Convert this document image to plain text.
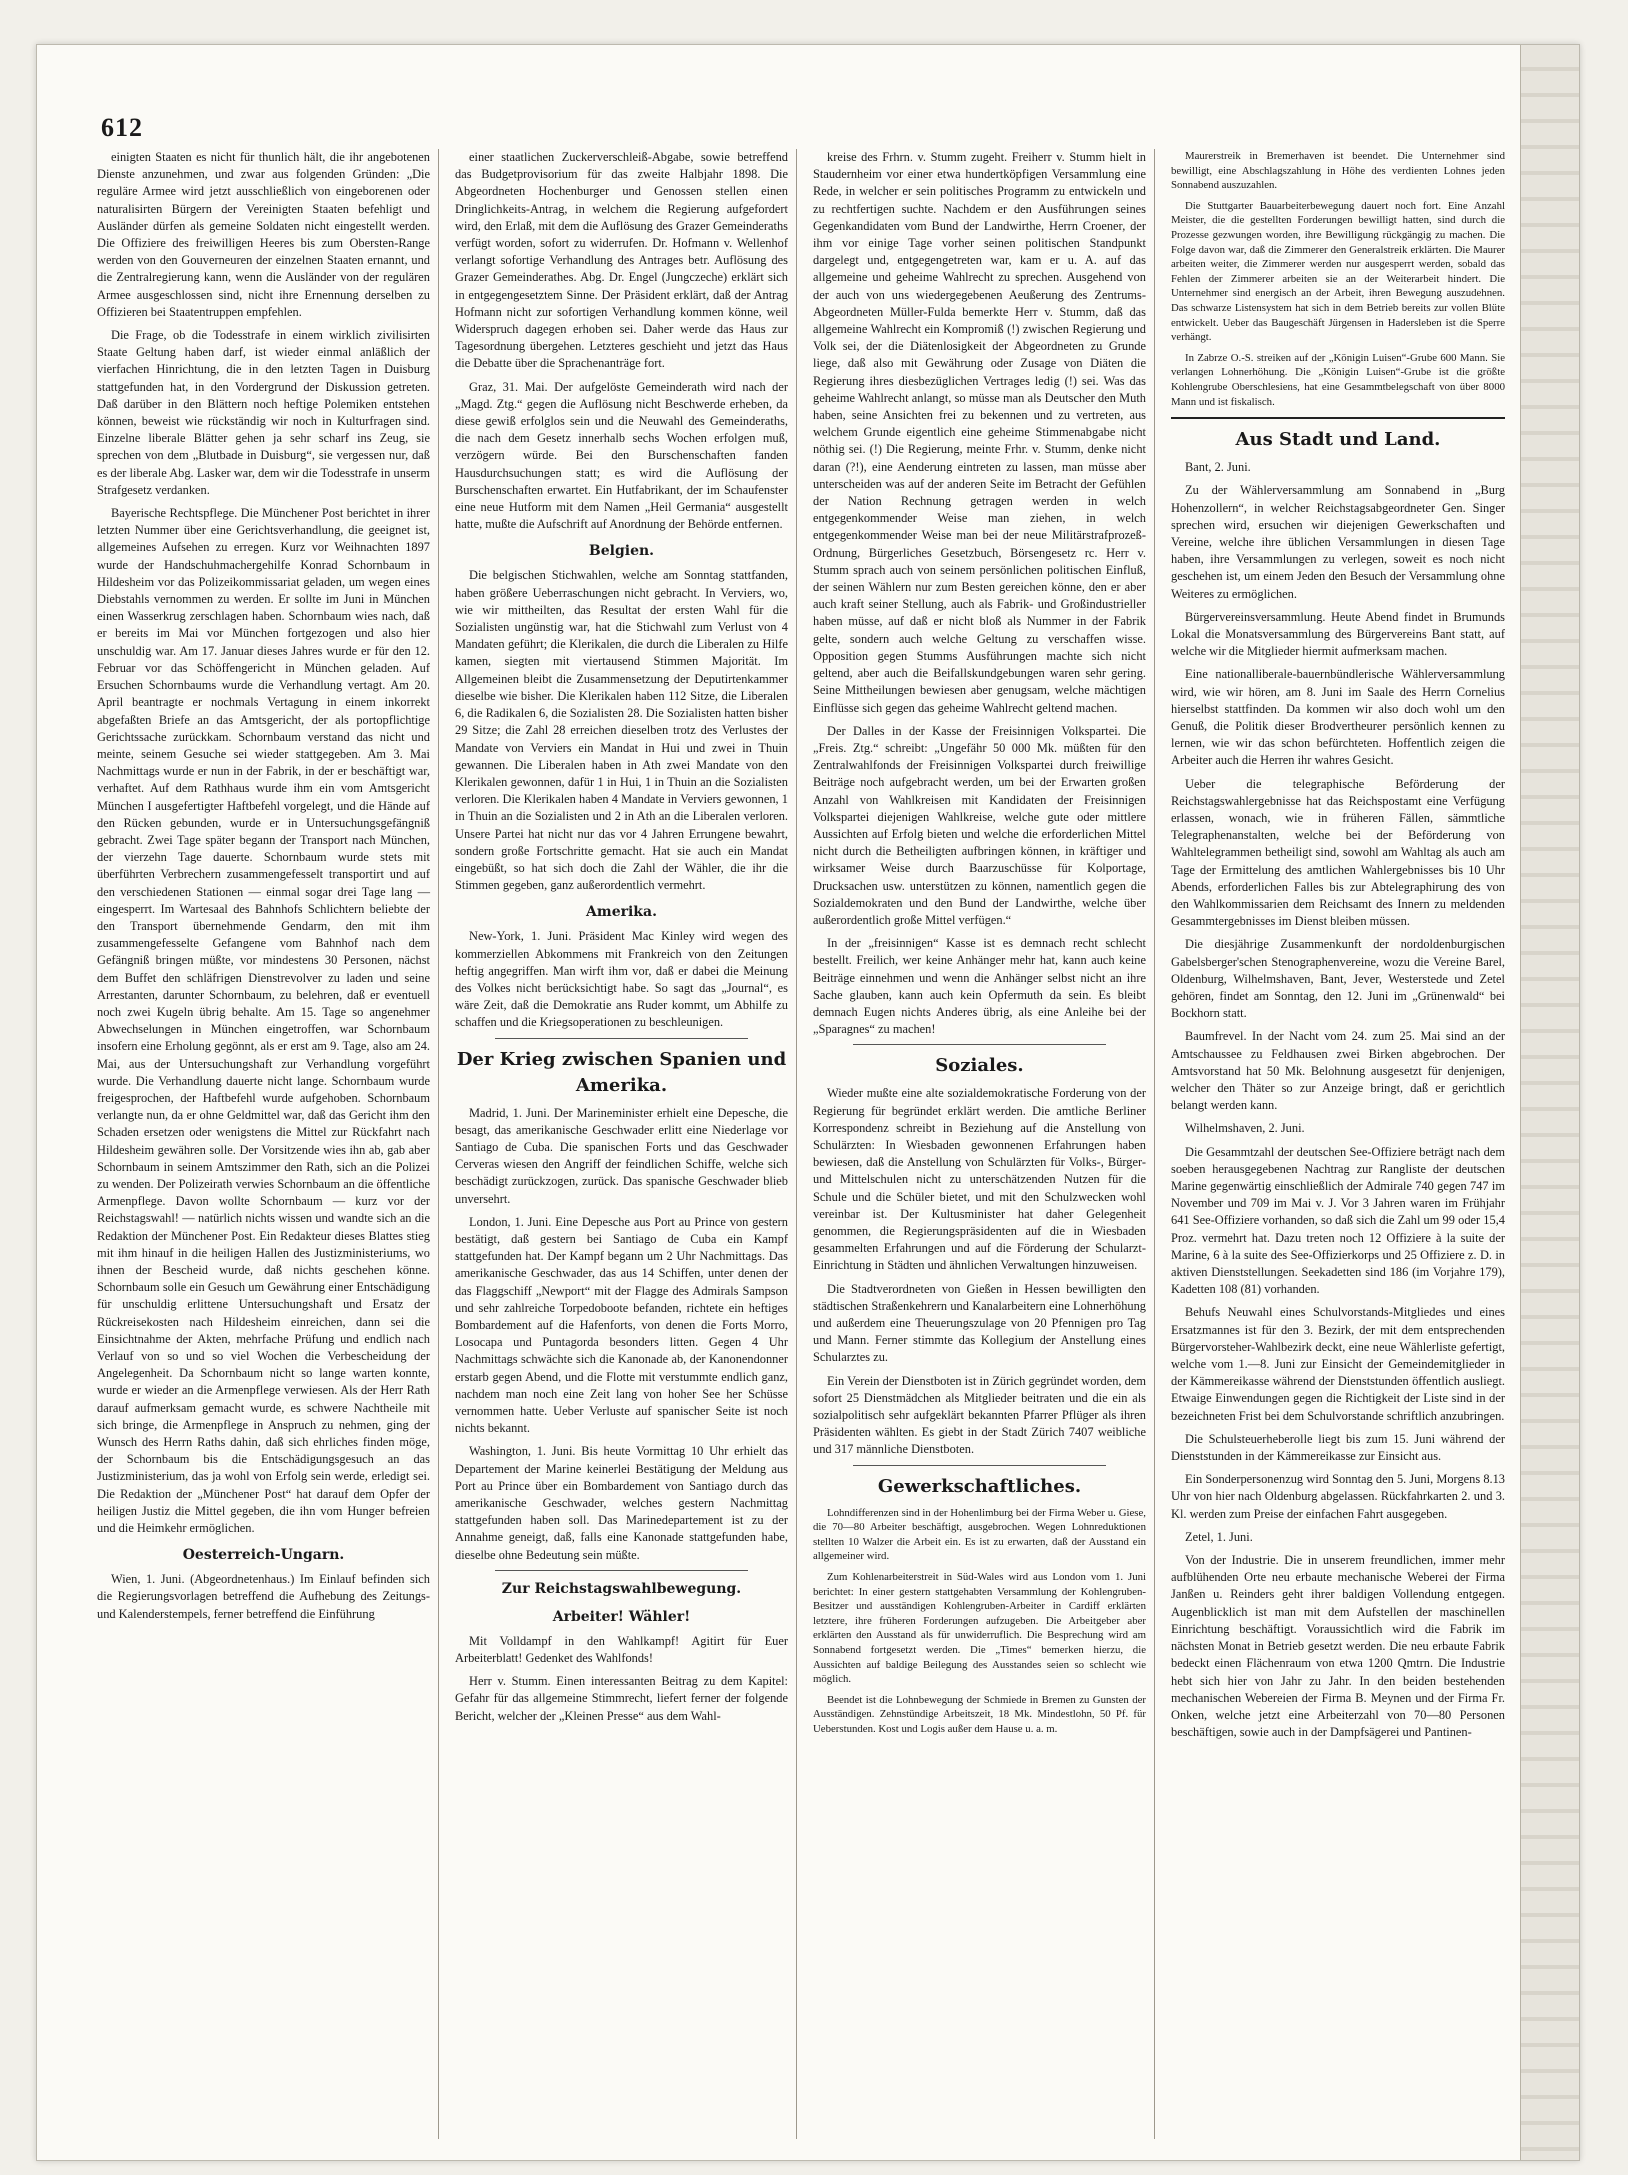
612

einigten Staaten es nicht für thunlich hält, die ihr angebotenen Dienste anzunehmen, und zwar aus folgenden Gründen: „Die reguläre Armee wird jetzt ausschließlich von eingeborenen oder naturalisirten Bürgern der Vereinigten Staaten befehligt und Ausländer dürfen als gemeine Soldaten nicht eingestellt werden. Die Offiziere des freiwilligen Heeres bis zum Obersten-Range werden von den Gouverneuren der einzelnen Staaten ernannt, und die Zentralregierung kann, wenn die Ausländer von der regulären Armee ausgeschlossen sind, nicht ihre Ernennung derselben zu Offizieren bei Staatentruppen empfehlen.

Die Frage, ob die Todesstrafe in einem wirklich zivilisirten Staate Geltung haben darf, ist wieder einmal anläßlich der vierfachen Hinrichtung, die in den letzten Tagen in Duisburg stattgefunden hat, in den Vordergrund der Diskussion getreten. Daß darüber in den Blättern noch heftige Polemiken entstehen können, beweist wie rückständig wir noch in Kulturfragen sind. Einzelne liberale Blätter gehen ja sehr scharf ins Zeug, sie sprechen von dem „Blutbade in Duisburg“, sie vergessen nur, daß es der liberale Abg. Lasker war, dem wir die Todesstrafe in unserm Strafgesetz verdanken.

Bayerische Rechtspflege. Die Münchener Post berichtet in ihrer letzten Nummer über eine Gerichtsverhandlung, die geeignet ist, allgemeines Aufsehen zu erregen. Kurz vor Weihnachten 1897 wurde der Handschuhmachergehilfe Konrad Schornbaum in Hildesheim vor das Polizeikommissariat geladen, um wegen eines Diebstahls vernommen zu werden. Er sollte im Juni in München einen Wasserkrug zerschlagen haben. Schornbaum wies nach, daß er bereits im Mai vor München fortgezogen und also hier unschuldig war. Am 17. Januar dieses Jahres wurde er für den 12. Februar vor das Schöffengericht in München geladen. Auf Ersuchen Schornbaums wurde die Verhandlung vertagt. Am 20. April beantragte er nochmals Vertagung in einem inkorrekt abgefaßten Briefe an das Amtsgericht, der als portopflichtige Gerichtssache zurückkam. Schornbaum verstand das nicht und meinte, seinem Gesuche sei wieder stattgegeben. Am 3. Mai Nachmittags wurde er nun in der Fabrik, in der er beschäftigt war, verhaftet. Auf dem Rathhaus wurde ihm ein vom Amtsgericht München I ausgefertigter Haftbefehl vorgelegt, und die Hände auf den Rücken gebunden, wurde er in Untersuchungsgefängniß gebracht. Zwei Tage später begann der Transport nach München, der vierzehn Tage dauerte. Schornbaum wurde stets mit überführten Verbrechern zusammengefesselt transportirt und auf den verschiedenen Stationen — einmal sogar drei Tage lang — eingesperrt. Im Wartesaal des Bahnhofs Schlichtern beliebte der den Transport übernehmende Gendarm, den mit ihm zusammengefesselte Gefangene vom Bahnhof nach dem Gefängniß bringen müßte, vor mindestens 30 Personen, nächst dem Buffet den schläfrigen Dienstrevolver zu laden und seine Arrestanten, darunter Schornbaum, zu belehren, daß er eventuell noch zwei Kugeln übrig behalte. Am 15. Tage so angenehmer Abwechselungen in München eingetroffen, war Schornbaum insofern eine Erholung gegönnt, als er erst am 9. Tage, also am 24. Mai, aus der Untersuchungshaft zur Verhandlung vorgeführt wurde. Die Verhandlung dauerte nicht lange. Schornbaum wurde freigesprochen, der Haftbefehl wurde aufgehoben. Schornbaum verlangte nun, da er ohne Geldmittel war, daß das Gericht ihm den Schaden ersetzen oder wenigstens die Mittel zur Rückfahrt nach Hildesheim gewähren solle. Der Vorsitzende wies ihn ab, gab aber Schornbaum in seinem Amtszimmer den Rath, sich an die Polizei zu wenden. Der Polizeirath verwies Schornbaum an die öffentliche Armenpflege. Davon wollte Schornbaum — kurz vor der Reichstagswahl! — natürlich nichts wissen und wandte sich an die Redaktion der Münchener Post. Ein Redakteur dieses Blattes stieg mit ihm hinauf in die heiligen Hallen des Justizministeriums, wo ihnen der Bescheid wurde, daß nichts geschehen könne. Schornbaum solle ein Gesuch um Gewährung einer Entschädigung für unschuldig erlittene Untersuchungshaft und Ersatz der Rückreisekosten nach Hildesheim einreichen, dann sei die Einsichtnahme der Akten, mehrfache Prüfung und endlich nach Verlauf von so und so viel Wochen die Verbescheidung der Angelegenheit. Da Schornbaum nicht so lange warten konnte, wurde er wieder an die Armenpflege verwiesen. Als der Herr Rath darauf aufmerksam gemacht wurde, es schwere Nachtheile mit sich bringe, die Armenpflege in Anspruch zu nehmen, ging der Wunsch des Herrn Raths dahin, daß sich ehrliches finden möge, der Schornbaum bis die Entschädigungsgesuch an das Justizministerium, das ja wohl von Erfolg sein werde, erledigt sei. Die Redaktion der „Münchener Post“ hat darauf dem Opfer der heiligen Justiz die Mittel gegeben, die ihn vom Hunger befreien und die Heimkehr ermöglichen.

Oesterreich-Ungarn.

Wien, 1. Juni. (Abgeordnetenhaus.) Im Einlauf befinden sich die Regierungsvorlagen betreffend die Aufhebung des Zeitungs- und Kalenderstempels, ferner betreffend die Einführung

einer staatlichen Zuckerverschleiß-Abgabe, sowie betreffend das Budgetprovisorium für das zweite Halbjahr 1898. Die Abgeordneten Hochenburger und Genossen stellen einen Dringlichkeits-Antrag, in welchem die Regierung aufgefordert wird, den Erlaß, mit dem die Auflösung des Grazer Gemeinderaths verfügt worden, sofort zu widerrufen. Dr. Hofmann v. Wellenhof verlangt sofortige Verhandlung des Antrages betr. Auflösung des Grazer Gemeinderathes. Abg. Dr. Engel (Jungczeche) erklärt sich in entgegengesetztem Sinne. Der Präsident erklärt, daß der Antrag Hofmann nicht zur sofortigen Verhandlung kommen könne, weil Widerspruch dagegen erhoben sei. Daher werde das Haus zur Tagesordnung übergehen. Letzteres geschieht und jetzt das Haus die Debatte über die Sprachenanträge fort.

Graz, 31. Mai. Der aufgelöste Gemeinderath wird nach der „Magd. Ztg.“ gegen die Auflösung nicht Beschwerde erheben, da diese gewiß erfolglos sein und die Neuwahl des Gemeinderaths, die nach dem Gesetz innerhalb sechs Wochen erfolgen muß, verzögern würde. Bei den Burschenschaften fanden Hausdurchsuchungen statt; es wird die Auflösung der Burschenschaften erwartet. Ein Hutfabrikant, der im Schaufenster eine neue Hutform mit dem Namen „Heil Germania“ ausgestellt hatte, mußte die Aufschrift auf Anordnung der Behörde entfernen.

Belgien.

Die belgischen Stichwahlen, welche am Sonntag stattfanden, haben größere Ueberraschungen nicht gebracht. In Verviers, wo, wie wir mittheilten, das Resultat der ersten Wahl für die Sozialisten ungünstig war, hat die Stichwahl zum Verlust von 4 Mandaten geführt; die Klerikalen, die durch die Liberalen zu Hilfe kamen, siegten mit viertausend Stimmen Majorität. Im Allgemeinen bleibt die Zusammensetzung der Deputirtenkammer dieselbe wie bisher. Die Klerikalen haben 112 Sitze, die Liberalen 6, die Radikalen 6, die Sozialisten 28. Die Sozialisten hatten bisher 29 Sitze; die Zahl 28 erreichen dieselben trotz des Verlustes der Mandate von Verviers ein Mandat in Hui und zwei in Thuin gewannen. Die Liberalen haben in Ath zwei Mandate von den Klerikalen gewonnen, dafür 1 in Hui, 1 in Thuin an die Sozialisten verloren. Die Klerikalen haben 4 Mandate in Verviers gewonnen, 1 in Thuin an die Sozialisten und 2 in Ath an die Liberalen verloren. Unsere Partei hat nicht nur das vor 4 Jahren Errungene bewahrt, sondern große Fortschritte gemacht. Hat sie auch ein Mandat eingebüßt, so hat sich doch die Zahl der Wähler, die ihr die Stimmen gegeben, ganz außerordentlich vermehrt.

Amerika.

New-York, 1. Juni. Präsident Mac Kinley wird wegen des kommerziellen Abkommens mit Frankreich von den Zeitungen heftig angegriffen. Man wirft ihm vor, daß er dabei die Meinung des Volkes nicht berücksichtigt habe. So sagt das „Journal“, es wäre Zeit, daß die Demokratie ans Ruder kommt, um Abhilfe zu schaffen und die Kriegsoperationen zu beschleunigen.

Der Krieg zwischen Spanien und Amerika.

Madrid, 1. Juni. Der Marineminister erhielt eine Depesche, die besagt, das amerikanische Geschwader erlitt eine Niederlage vor Santiago de Cuba. Die spanischen Forts und das Geschwader Cerveras wiesen den Angriff der feindlichen Schiffe, welche sich beschädigt zurückzogen, zurück. Das spanische Geschwader blieb unversehrt.

London, 1. Juni. Eine Depesche aus Port au Prince von gestern bestätigt, daß gestern bei Santiago de Cuba ein Kampf stattgefunden hat. Der Kampf begann um 2 Uhr Nachmittags. Das amerikanische Geschwader, das aus 14 Schiffen, unter denen der das Flaggschiff „Newport“ mit der Flagge des Admirals Sampson und sehr zahlreiche Torpedoboote befanden, richtete ein heftiges Bombardement auf die Hafenforts, von denen die Forts Morro, Losocapa und Puntagorda besonders litten. Gegen 4 Uhr Nachmittags schwächte sich die Kanonade ab, der Kanonendonner erstarb gegen Abend, und die Flotte mit verstummte endlich ganz, nachdem man noch eine Zeit lang von hoher See her Schüsse vernommen hatte. Ueber Verluste auf spanischer Seite ist noch nichts bekannt.

Washington, 1. Juni. Bis heute Vormittag 10 Uhr erhielt das Departement der Marine keinerlei Bestätigung der Meldung aus Port au Prince über ein Bombardement von Santiago durch das amerikanische Geschwader, welches gestern Nachmittag stattgefunden haben soll. Das Marinedepartement ist zu der Annahme geneigt, daß, falls eine Kanonade stattgefunden habe, dieselbe ohne Bedeutung sein müßte.

Zur Reichstagswahlbewegung.
Arbeiter! Wähler!

Mit Volldampf in den Wahlkampf! Agitirt für Euer Arbeiterblatt! Gedenket des Wahlfonds!

Herr v. Stumm. Einen interessanten Beitrag zu dem Kapitel: Gefahr für das allgemeine Stimmrecht, liefert ferner der folgende Bericht, welcher der „Kleinen Presse“ aus dem Wahl-

kreise des Frhrn. v. Stumm zugeht. Freiherr v. Stumm hielt in Staudernheim vor einer etwa hundertköpfigen Versammlung eine Rede, in welcher er sein politisches Programm zu entwickeln und zu rechtfertigen suchte. Nachdem er den Ausführungen seines Gegenkandidaten vom Bund der Landwirthe, Herrn Croener, der ihm vor einige Tage vorher seinen politischen Standpunkt dargelegt und, entgegengetreten war, kam er u. A. auf das allgemeine und geheime Wahlrecht zu sprechen. Ausgehend von der auch von uns wiedergegebenen Aeußerung des Zentrums-Abgeordneten Müller-Fulda bemerkte Herr v. Stumm, daß das allgemeine Wahlrecht ein Kompromiß (!) zwischen Regierung und Volk sei, der die Diätenlosigkeit der Abgeordneten zu Grunde liege, daß also mit Gewährung oder Zusage von Diäten die Regierung ihres diesbezüglichen Vertrages ledig (!) sei. Was das geheime Wahlrecht anlangt, so müsse man als Deutscher den Muth haben, seine Ansichten frei zu bekennen und zu vertreten, aus welchem Grunde eigentlich eine geheime Stimmenabgabe nicht nöthig sei. (!) Die Regierung, meinte Frhr. v. Stumm, denke nicht daran (?!), eine Aenderung eintreten zu lassen, man müsse aber unterscheiden was auf der anderen Seite im Betracht der Gefühlen der Nation Rechnung getragen werden in welch entgegenkommender Weise man ziehen, in welch entgegenkommender Weise man bei der neue Militärstrafprozeß-Ordnung, Bürgerliches Gesetzbuch, Börsengesetz rc. Herr v. Stumm sprach auch von seinem persönlichen politischen Einfluß, der seinen Wählern nur zum Besten gereichen könne, den er aber auch kraft seiner Stellung, auch als Fabrik- und Großindustrieller haben müsse, auf daß er nicht bloß als Nummer in der Fabrik gelte, sondern auch welche Geltung zu verschaffen wisse. Opposition gegen Stumms Ausführungen machte sich nicht geltend, aber auch die Beifallskundgebungen waren sehr gering. Seine Mittheilungen bewiesen aber genugsam, welche mächtigen Einflüsse sich gegen das geheime Wahlrecht geltend machen.

Der Dalles in der Kasse der Freisinnigen Volkspartei. Die „Freis. Ztg.“ schreibt: „Ungefähr 50 000 Mk. müßten für den Zentralwahlfonds der Freisinnigen Volkspartei durch freiwillige Beiträge noch aufgebracht werden, um bei der Erwarten großen Anzahl von Wahlkreisen mit Kandidaten der Freisinnigen Volkspartei diejenigen Wahlkreise, welche gute oder mittlere Aussichten auf Erfolg bieten und welche die erforderlichen Mittel nicht durch die Betheiligten aufbringen können, in kräftiger und wirksamer Weise durch Baarzuschüsse für Kolportage, Drucksachen usw. unterstützen zu können, namentlich gegen die Sozialdemokraten und den Bund der Landwirthe, welche über außerordentlich große Mittel verfügen.“

In der „freisinnigen“ Kasse ist es demnach recht schlecht bestellt. Freilich, wer keine Anhänger mehr hat, kann auch keine Beiträge einnehmen und wenn die Anhänger selbst nicht an ihre Sache glauben, kann auch kein Opfermuth da sein. Es bleibt demnach Eugen nichts Anderes übrig, als eine Anleihe bei der „Sparagnes“ zu machen!

Soziales.

Wieder mußte eine alte sozialdemokratische Forderung von der Regierung für begründet erklärt werden. Die amtliche Berliner Korrespondenz schreibt in Beziehung auf die Anstellung von Schulärzten: In Wiesbaden gewonnenen Erfahrungen haben bewiesen, daß die Anstellung von Schulärzten für Volks-, Bürger- und Mittelschulen nicht zu unterschätzenden Nutzen für die Schule und die Schüler bietet, und mit den Schulzwecken wohl vereinbar ist. Der Kultusminister hat daher Gelegenheit genommen, die Regierungspräsidenten auf die in Wiesbaden gesammelten Erfahrungen und auf die Förderung der Schularzt-Einrichtung in Städten und ähnlichen Verwaltungen hinzuweisen.

Die Stadtverordneten von Gießen in Hessen bewilligten den städtischen Straßenkehrern und Kanalarbeitern eine Lohnerhöhung und außerdem eine Theuerungszulage von 20 Pfennigen pro Tag und Mann. Ferner stimmte das Kollegium der Anstellung eines Schularztes zu.

Ein Verein der Dienstboten ist in Zürich gegründet worden, dem sofort 25 Dienstmädchen als Mitglieder beitraten und die ein als sozialpolitisch sehr aufgeklärt bekannten Pfarrer Pflüger als ihren Präsidenten wählten. Es giebt in der Stadt Zürich 7407 weibliche und 317 männliche Dienstboten.

Gewerkschaftliches.

Lohndifferenzen sind in der Hohenlimburg bei der Firma Weber u. Giese, die 70—80 Arbeiter beschäftigt, ausgebrochen. Wegen Lohnreduktionen stellten 10 Walzer die Arbeit ein. Es ist zu erwarten, daß der Ausstand ein allgemeiner wird.

Zum Kohlenarbeiterstreit in Süd-Wales wird aus London vom 1. Juni berichtet: In einer gestern stattgehabten Versammlung der Kohlengruben-Besitzer und ausständigen Kohlengruben-Arbeiter in Cardiff erklärten letztere, ihre früheren Forderungen aufzugeben. Die Arbeitgeber aber erklärten den Ausstand als für unwiderruflich. Die Besprechung wird am Sonnabend fortgesetzt werden. Die „Times“ bemerken hierzu, die Aussichten auf baldige Beilegung des Ausstandes seien so schlecht wie möglich.

Beendet ist die Lohnbewegung der Schmiede in Bremen zu Gunsten der Ausständigen. Zehnstündige Arbeitszeit, 18 Mk. Mindestlohn, 50 Pf. für Ueberstunden. Kost und Logis außer dem Hause u. a. m.

Maurerstreik in Bremerhaven ist beendet. Die Unternehmer sind bewilligt, eine Abschlagszahlung in Höhe des verdienten Lohnes jeden Sonnabend auszuzahlen.

Die Stuttgarter Bauarbeiterbewegung dauert noch fort. Eine Anzahl Meister, die die gestellten Forderungen bewilligt hatten, sind durch die Prozesse gezwungen worden, ihre Bewilligung rückgängig zu machen. Die Folge davon war, daß die Zimmerer den Generalstreik erklärten. Die Maurer arbeiten weiter, die Zimmerer werden nur ausgesperrt werden, sobald das Fehlen der Zimmerer arbeiten sie an der Weiterarbeit hindert. Die Unternehmer sind energisch an der Arbeit, ihren Bewegung auszudehnen. Das schwarze Listensystem hat sich in dem Betrieb bereits zur vollen Blüte entwickelt. Ueber das Baugeschäft Jürgensen in Hadersleben ist die Sperre verhängt.

In Zabrze O.-S. streiken auf der „Königin Luisen“-Grube 600 Mann. Sie verlangen Lohnerhöhung. Die „Königin Luisen“-Grube ist die größte Kohlengrube Oberschlesiens, hat eine Gesammtbelegschaft von über 8000 Mann und ist fiskalisch.

Aus Stadt und Land.

Bant, 2. Juni.

Zu der Wählerversammlung am Sonnabend in „Burg Hohenzollern“, in welcher Reichstagsabgeordneter Gen. Singer sprechen wird, ersuchen wir diejenigen Gewerkschaften und Vereine, welche ihre üblichen Versammlungen in diesen Tage haben, ihre Versammlungen zu verlegen, soweit es noch nicht geschehen ist, um einem Jeden den Besuch der Versammlung ohne Weiteres zu ermöglichen.

Bürgervereinsversammlung. Heute Abend findet in Brumunds Lokal die Monatsversammlung des Bürgervereins Bant statt, auf welche wir die Mitglieder hiermit aufmerksam machen.

Eine nationalliberale-bauernbündlerische Wählerversammlung wird, wie wir hören, am 8. Juni im Saale des Herrn Cornelius hierselbst stattfinden. Da kommen wir also doch wohl um den Genuß, die Politik dieser Brodvertheurer persönlich kennen zu lernen, wie wir das schon befürchteten. Hoffentlich zeigen die Arbeiter auch die Herren ihr wahres Gesicht.

Ueber die telegraphische Beförderung der Reichstagswahlergebnisse hat das Reichspostamt eine Verfügung erlassen, wonach, wie in früheren Fällen, sämmtliche Telegraphenanstalten, welche bei der Beförderung von Wahltelegrammen betheiligt sind, sowohl am Wahltag als auch am Tage der Ermittelung des amtlichen Wahlergebnisses bis 10 Uhr Abends, erforderlichen Falles bis zur Abtelegraphirung des von den Wahlkommissarien dem Reichsamt des Innern zu meldenden Gesammtergebnisses im Dienst bleiben müssen.

Die diesjährige Zusammenkunft der nordoldenburgischen Gabelsberger'schen Stenographenvereine, wozu die Vereine Barel, Oldenburg, Wilhelmshaven, Bant, Jever, Westerstede und Zetel gehören, findet am Sonntag, den 12. Juni im „Grünenwald“ bei Bockhorn statt.

Baumfrevel. In der Nacht vom 24. zum 25. Mai sind an der Amtschaussee zu Feldhausen zwei Birken abgebrochen. Der Amtsvorstand hat 50 Mk. Belohnung ausgesetzt für denjenigen, welcher den Thäter so zur Anzeige bringt, daß er gerichtlich belangt werden kann.

Wilhelmshaven, 2. Juni.

Die Gesammtzahl der deutschen See-Offiziere beträgt nach dem soeben herausgegebenen Nachtrag zur Rangliste der deutschen Marine gegenwärtig einschließlich der Admirale 740 gegen 747 im November und 709 im Mai v. J. Vor 3 Jahren waren im Frühjahr 641 See-Offiziere vorhanden, so daß sich die Zahl um 99 oder 15,4 Proz. vermehrt hat. Dazu treten noch 12 Offiziere à la suite der Marine, 6 à la suite des See-Offizierkorps und 25 Offiziere z. D. in aktiven Dienststellungen. Seekadetten sind 186 (im Vorjahre 179), Kadetten 108 (81) vorhanden.

Behufs Neuwahl eines Schulvorstands-Mitgliedes und eines Ersatzmannes ist für den 3. Bezirk, der mit dem entsprechenden Bürgervorsteher-Wahlbezirk deckt, eine neue Wählerliste gefertigt, welche vom 1.—8. Juni zur Einsicht der Gemeindemitglieder in der Kämmereikasse während der Dienststunden öffentlich ausliegt. Etwaige Einwendungen gegen die Richtigkeit der Liste sind in der bezeichneten Frist bei dem Schulvorstande schriftlich anzubringen.

Die Schulsteuerheberolle liegt bis zum 15. Juni während der Dienststunden in der Kämmereikasse zur Einsicht aus.

Ein Sonderpersonenzug wird Sonntag den 5. Juni, Morgens 8.13 Uhr von hier nach Oldenburg abgelassen. Rückfahrkarten 2. und 3. Kl. werden zum Preise der einfachen Fahrt ausgegeben.

Zetel, 1. Juni.

Von der Industrie. Die in unserem freundlichen, immer mehr aufblühenden Orte neu erbaute mechanische Weberei der Firma Janßen u. Reinders geht ihrer baldigen Vollendung entgegen. Augenblicklich ist man mit dem Aufstellen der maschinellen Einrichtung beschäftigt. Voraussichtlich wird die Fabrik im nächsten Monat in Betrieb gesetzt werden. Die neu erbaute Fabrik bedeckt einen Flächenraum von etwa 1200 Qmtrn. Die Industrie hebt sich hier von Jahr zu Jahr. In den beiden bestehenden mechanischen Webereien der Firma B. Meynen und der Firma Fr. Onken, welche jetzt eine Arbeiterzahl von 70—80 Personen beschäftigen, sowie auch in der Dampfsägerei und Pantinen-
